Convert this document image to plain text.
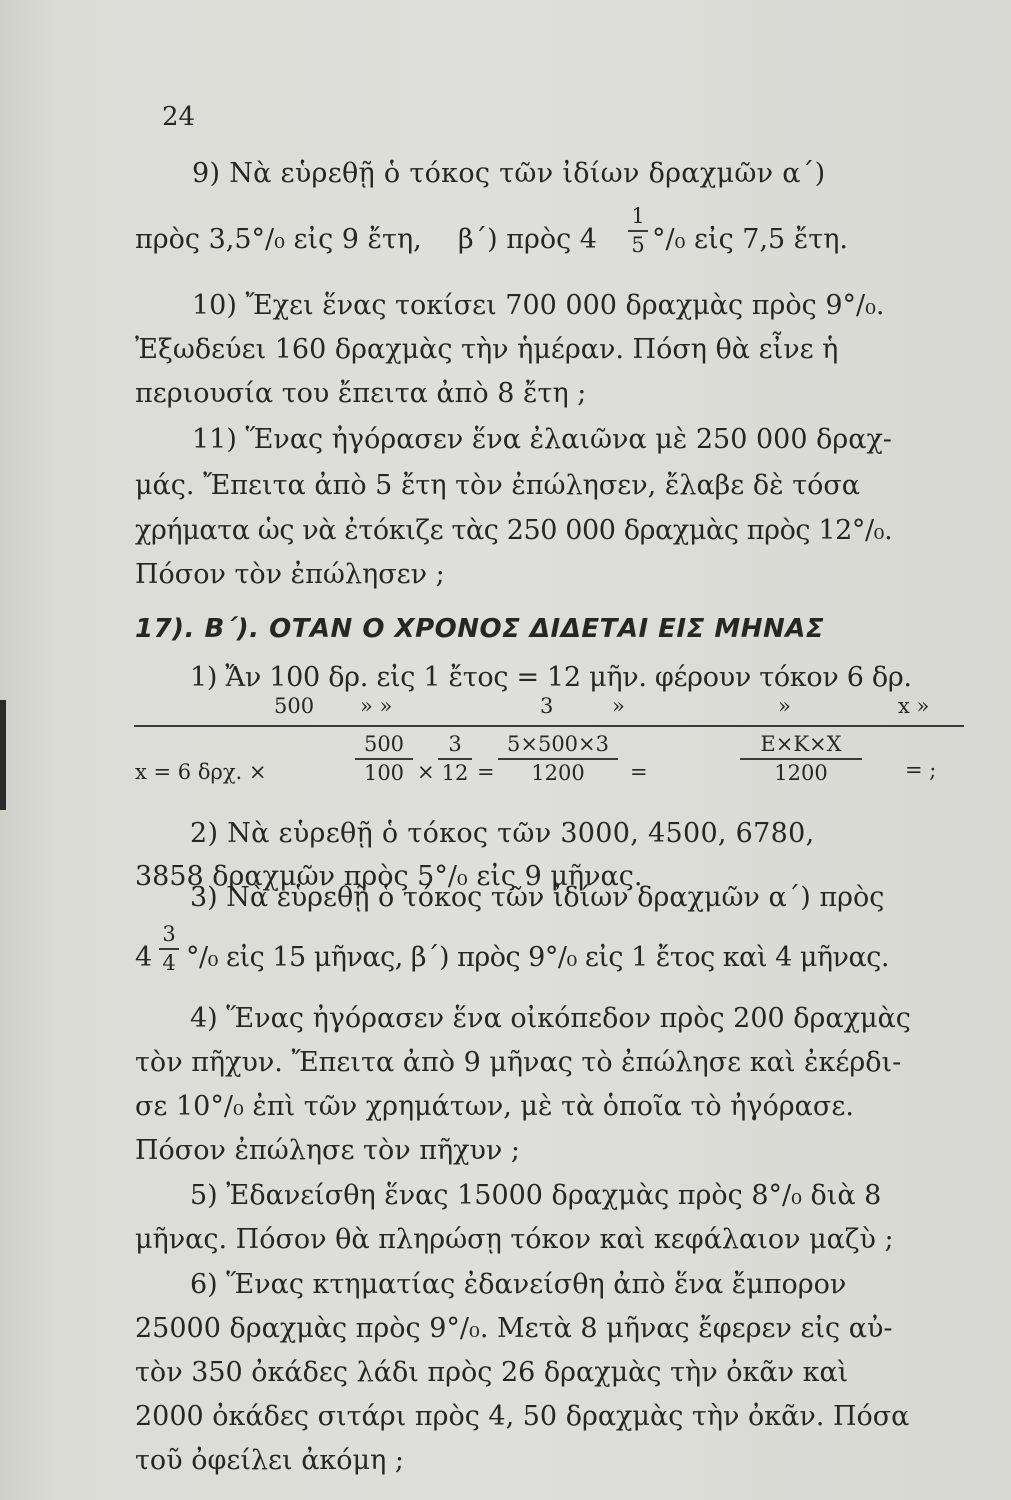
24
9) Νὰ εὑρεθῇ ὁ τόκος τῶν ἰδίων δραχμῶν α΄)
πρὸς 3,5°/₀ εἰς 9 ἔτη, β΄) πρὸς 4
1
5 °/₀ εἰς 7,5 ἔτη.
10) Ἔχει ἕνας τοκίσει 700 000 δραχμὰς πρὸς 9°/₀.
Ἐξωδεύει 160 δραχμὰς τὴν ἡμέραν. Πόση θὰ εἶνε ἡ
περιουσία του ἔπειτα ἀπὸ 8 ἔτη ;
11) Ἕνας ἠγόρασεν ἕνα ἐλαιῶνα μὲ 250 000 δραχ-
μάς. Ἔπειτα ἀπὸ 5 ἔτη τὸν ἐπώλησεν, ἔλαβε δὲ τόσα
χρήματα ὡς νὰ ἐτόκιζε τὰς 250 000 δραχμὰς πρὸς 12°/₀.
Πόσον τὸν ἐπώλησεν ;
17). Β΄). ΟΤΑΝ Ο ΧΡΟΝΟΣ ΔΙΔΕΤΑΙ ΕΙΣ ΜΗΝΑΣ
1) Ἄν 100 δρ. εἰς 1 ἔτος = 12 μῆν. φέρουν τόκον 6 δρ.
500 » »	3	»	»	x »
x = 6 δρχ. ×
500
100 ×
3
12 =
5×500×3
1200	=
Ε×Κ×Χ
1200	= ;
2) Νὰ εὑρεθῇ ὁ τόκος τῶν 3000, 4500, 6780,
3858 δραχμῶν πρὸς 5°/₀ εἰς 9 μῆνας.
3) Νὰ εὑρεθῇ ὁ τόκος τῶν ἰδίων δραχμῶν α΄) πρὸς
4
3
4 °/₀ εἰς 15 μῆνας, β΄) πρὸς 9°/₀ εἰς 1 ἔτος καὶ 4 μῆνας.
4) Ἕνας ἠγόρασεν ἕνα οἰκόπεδον πρὸς 200 δραχμὰς
τὸν πῆχυν. Ἔπειτα ἀπὸ 9 μῆνας τὸ ἐπώλησε καὶ ἐκέρδι-
σε 10°/₀ ἐπὶ τῶν χρημάτων, μὲ τὰ ὁποῖα τὸ ἠγόρασε.
Πόσον ἐπώλησε τὸν πῆχυν ;
5) Ἐδανείσθη ἕνας 15000 δραχμὰς πρὸς 8°/₀ διὰ 8
μῆνας. Πόσον θὰ πληρώσῃ τόκον καὶ κεφάλαιον μαζὺ ;
6) Ἕνας κτηματίας ἐδανείσθη ἀπὸ ἕνα ἔμπορον
25000 δραχμὰς πρὸς 9°/₀. Μετὰ 8 μῆνας ἔφερεν εἰς αὐ-
τὸν 350 ὀκάδες λάδι πρὸς 26 δραχμὰς τὴν ὀκᾶν καὶ
2000 ὀκάδες σιτάρι πρὸς 4, 50 δραχμὰς τὴν ὀκᾶν. Πόσα
τοῦ ὀφείλει ἀκόμη ;
